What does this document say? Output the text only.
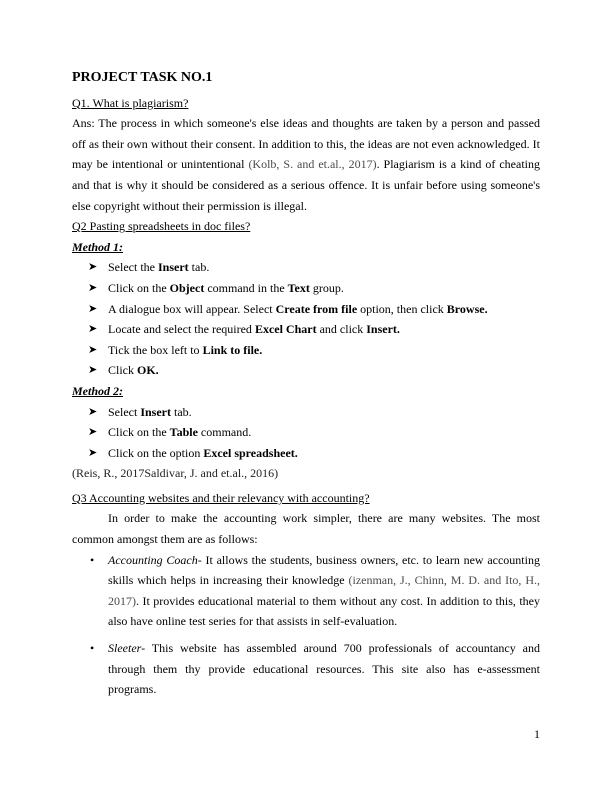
PROJECT TASK NO.1
Q1. What is plagiarism?
Ans: The process in which someone's else ideas and thoughts are taken by a person and passed off as their own without their consent. In addition to this, the ideas are not even acknowledged. It may be intentional or unintentional (Kolb, S. and et.al., 2017). Plagiarism is a kind of cheating and that is why it should be considered as a serious offence. It is unfair before using someone's else copyright without their permission is illegal.
Q2 Pasting spreadsheets in doc files?
Method 1:
➤ Select the Insert tab.
➤ Click on the Object command in the Text group.
➤ A dialogue box will appear. Select Create from file option, then click Browse.
➤ Locate and select the required Excel Chart and click Insert.
➤ Tick the box left to Link to file.
➤ Click OK.
Method 2:
➤ Select Insert tab.
➤ Click on the Table command.
➤ Click on the option Excel spreadsheet.
(Reis, R., 2017Saldivar, J. and et.al., 2016)
Q3 Accounting websites and their relevancy with accounting?
In order to make the accounting work simpler, there are many websites. The most common amongst them are as follows:
• Accounting Coach- It allows the students, business owners, etc. to learn new accounting skills which helps in increasing their knowledge (izenman, J., Chinn, M. D. and Ito, H., 2017). It provides educational material to them without any cost. In addition to this, they also have online test series for that assists in self-evaluation.
• Sleeter- This website has assembled around 700 professionals of accountancy and through them thy provide educational resources. This site also has e-assessment programs.
1
